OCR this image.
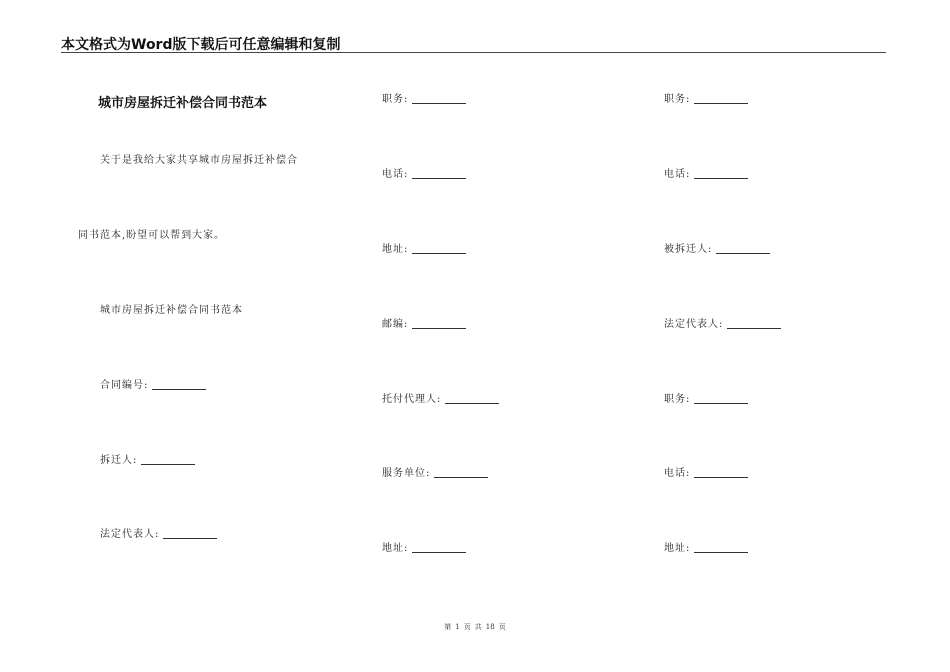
本文格式为Word版下载后可任意编辑和复制
城市房屋拆迁补偿合同书范本
关于是我给大家共享城市房屋拆迁补偿合
同书范本,盼望可以帮到大家。
城市房屋拆迁补偿合同书范本
合同编号:
拆迁人:
法定代表人:
职务:
电话:
地址:
邮编:
托付代理人:
服务单位:
地址:
职务:
电话:
被拆迁人:
法定代表人:
职务:
电话:
地址:
第 1 页 共 18 页
